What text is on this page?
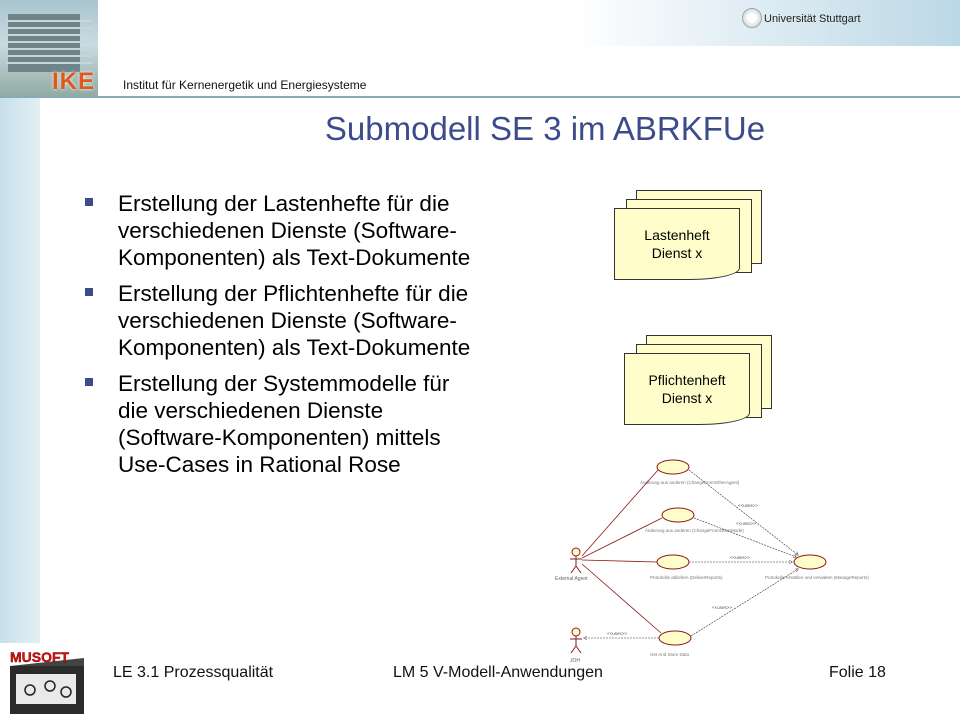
IKE
Universität Stuttgart
Institut für Kernenergetik und Energiesysteme
Submodell SE 3 im ABRKFUe
Erstellung der Lastenhefte für die verschiedenen Dienste (Software-Komponenten) als Text-Dokumente
Erstellung der Pflichtenhefte für die verschiedenen Dienste (Software-Komponenten) als Text-Dokumente
Erstellung der Systemmodelle für die verschiedenen Dienste (Software-Komponenten) mittels Use-Cases in Rational Rose
Lastenheft
Dienst x
Pflichtenheft
Dienst x
External Agent
JOH
Änderung aus anderen (ChangeFromOtherAgent)
Änderung aus anderen (ChangeFromOtherMode)
Protokolle abliefern (DeliverReports)	Protokolle erstellen und verwalten (ManageReports)
Get And Store Data
<<uses>>
<<uses>>
<<uses>>
<<uses>>
<<uses>>
MUSOFT
LE 3.1 Prozessqualität	LM 5 V-Modell-Anwendungen	Folie 18
